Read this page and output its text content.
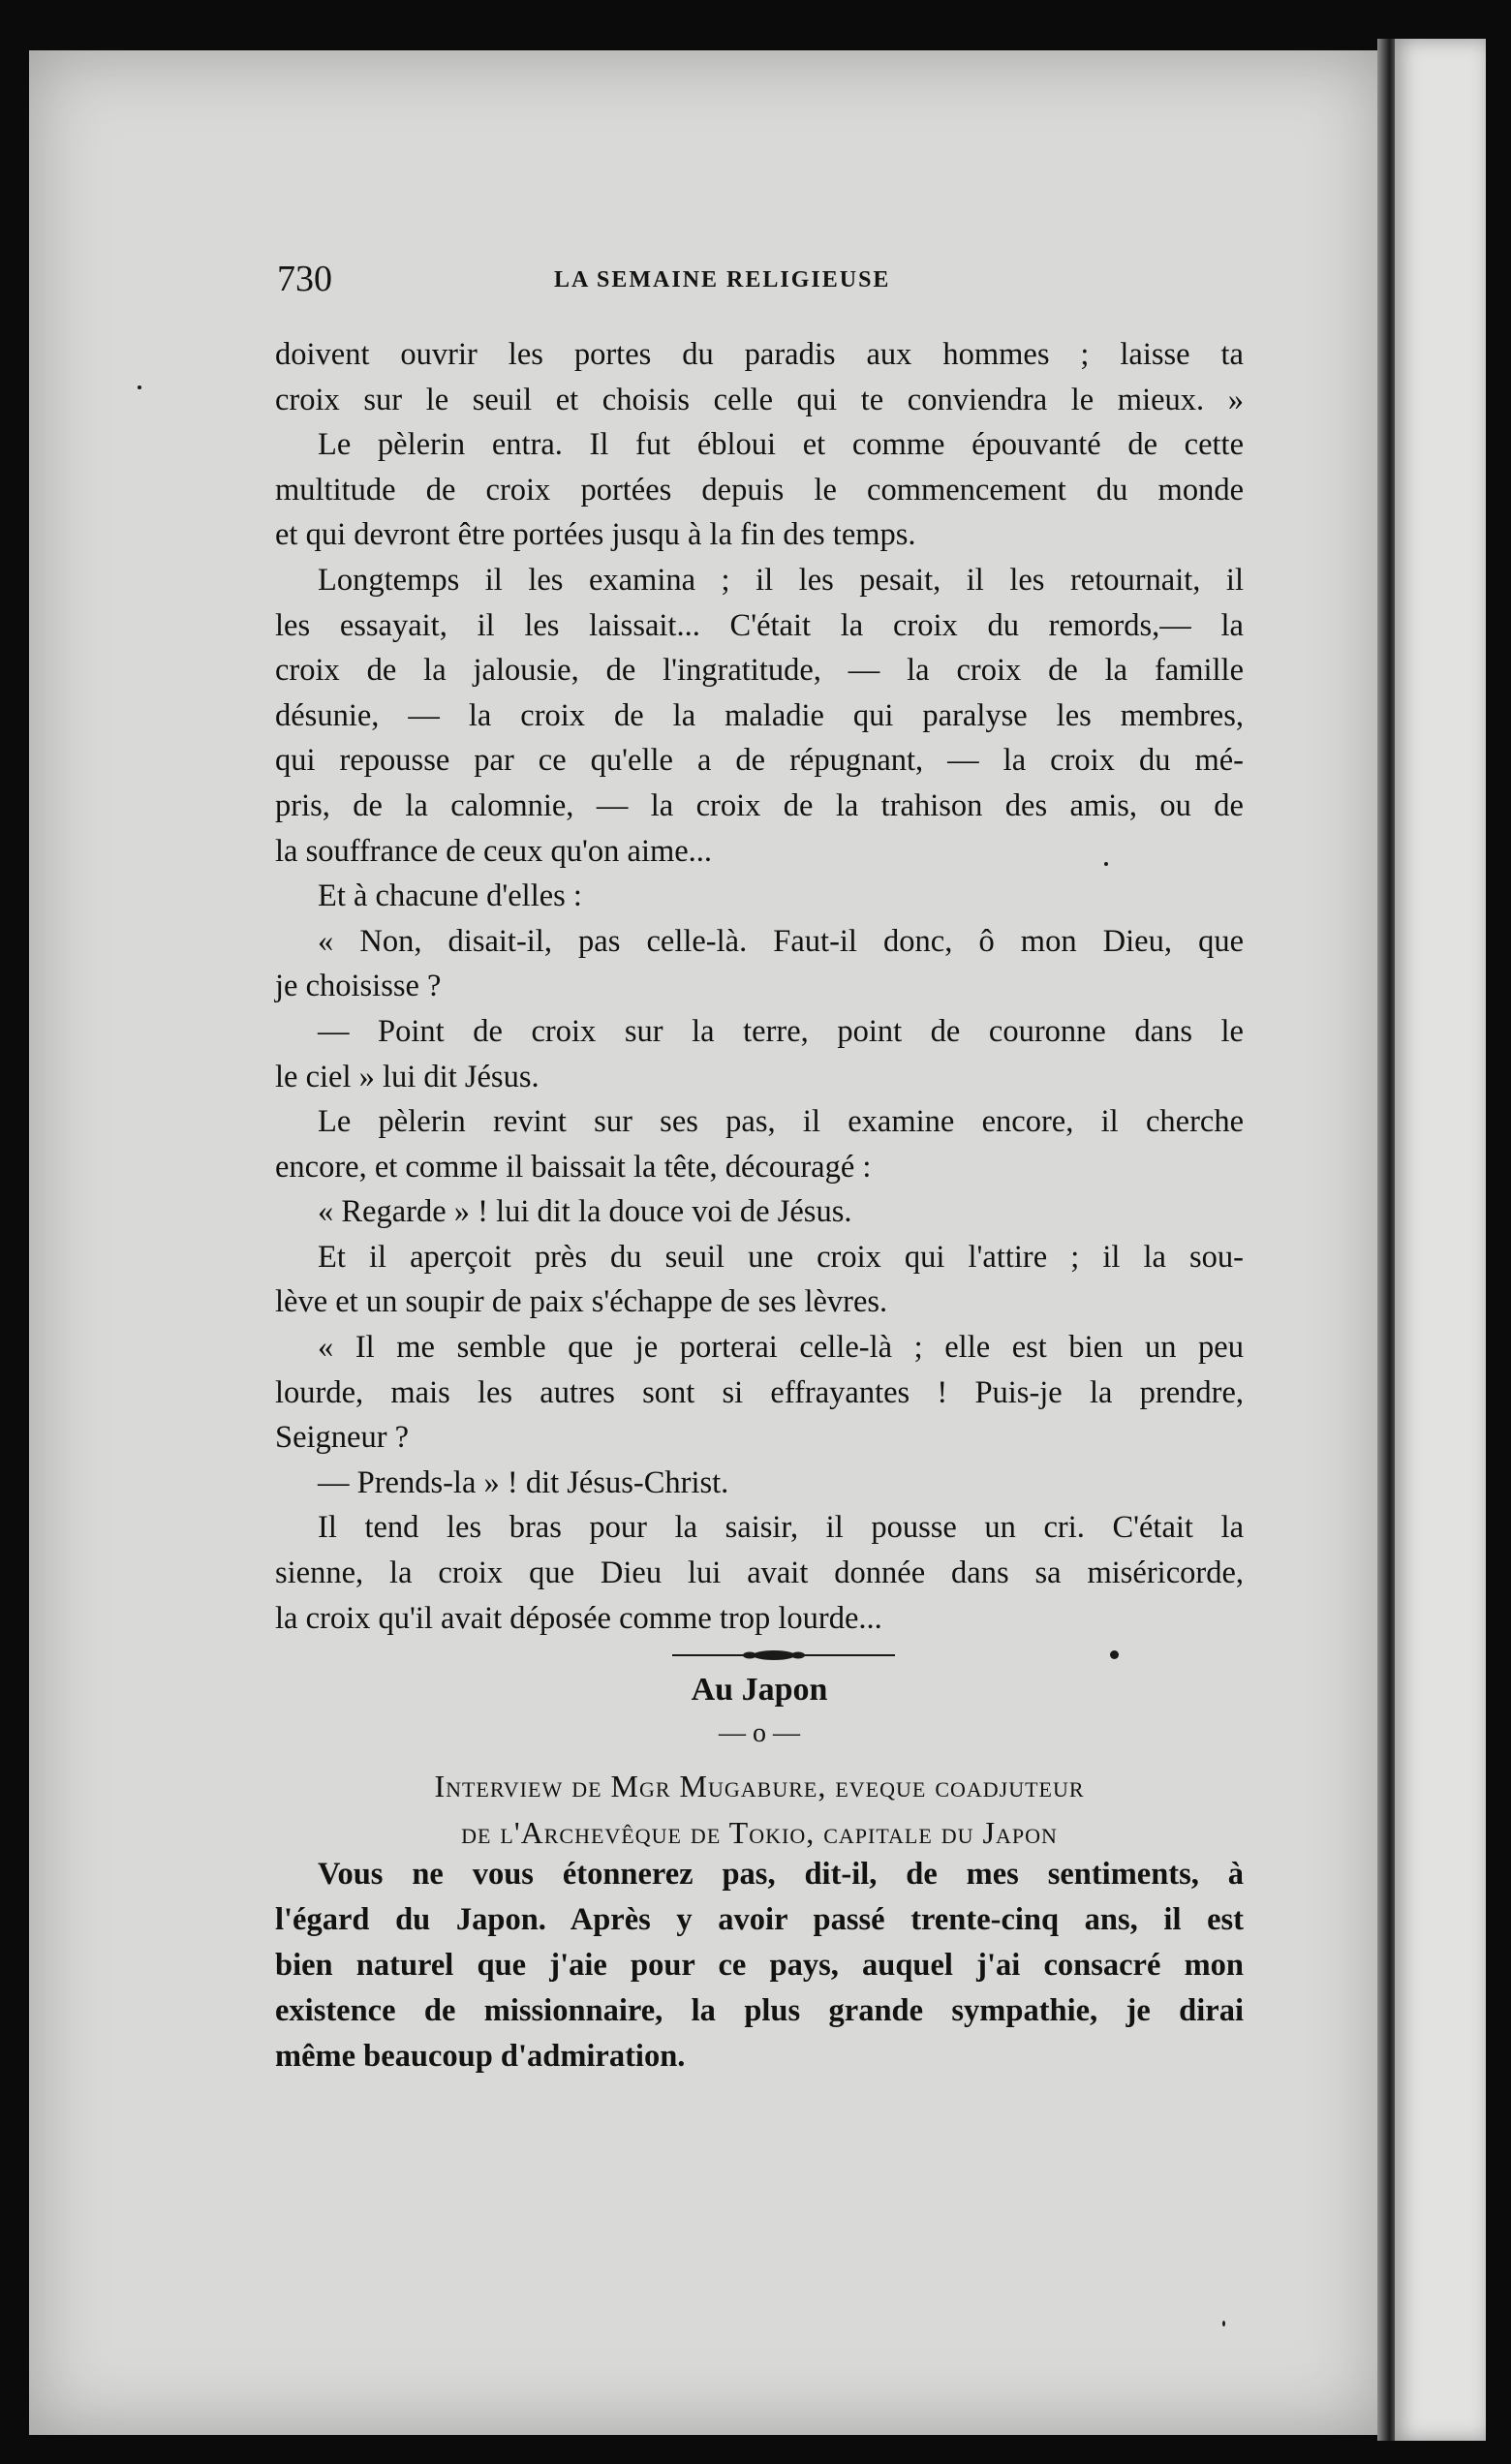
730	LA SEMAINE RELIGIEUSE
doivent ouvrir les portes du paradis aux hommes ; laisse ta
croix sur le seuil et choisis celle qui te conviendra le mieux. »
Le pèlerin entra. Il fut ébloui et comme épouvanté de cette
multitude de croix portées depuis le commencement du monde
et qui devront être portées jusqu à la fin des temps.
Longtemps il les examina ; il les pesait, il les retournait, il
les essayait, il les laissait... C'était la croix du remords,— la
croix de la jalousie, de l'ingratitude, — la croix de la famille
désunie, — la croix de la maladie qui paralyse les membres,
qui repousse par ce qu'elle a de répugnant, — la croix du mé-
pris, de la calomnie, — la croix de la trahison des amis, ou de
la souffrance de ceux qu'on aime...
Et à chacune d'elles :
« Non, disait-il, pas celle-là. Faut-il donc, ô mon Dieu, que
je choisisse ?
— Point de croix sur la terre, point de couronne dans le
le ciel » lui dit Jésus.
Le pèlerin revint sur ses pas, il examine encore, il cherche
encore, et comme il baissait la tête, découragé :
« Regarde » ! lui dit la douce voi de Jésus.
Et il aperçoit près du seuil une croix qui l'attire ; il la sou-
lève et un soupir de paix s'échappe de ses lèvres.
« Il me semble que je porterai celle-là ; elle est bien un peu
lourde, mais les autres sont si effrayantes ! Puis-je la prendre,
Seigneur ?
— Prends-la » ! dit Jésus-Christ.
Il tend les bras pour la saisir, il pousse un cri. C'était la
sienne, la croix que Dieu lui avait donnée dans sa miséricorde,
la croix qu'il avait déposée comme trop lourde...
Au Japon
— o —
Interview de Mgr Mugabure, eveque coadjuteur
de l'Archevêque de Tokio, capitale du Japon
Vous ne vous étonnerez pas, dit-il, de mes sentiments, à
l'égard du Japon. Après y avoir passé trente-cinq ans, il est
bien naturel que j'aie pour ce pays, auquel j'ai consacré mon
existence de missionnaire, la plus grande sympathie, je dirai
même beaucoup d'admiration.
